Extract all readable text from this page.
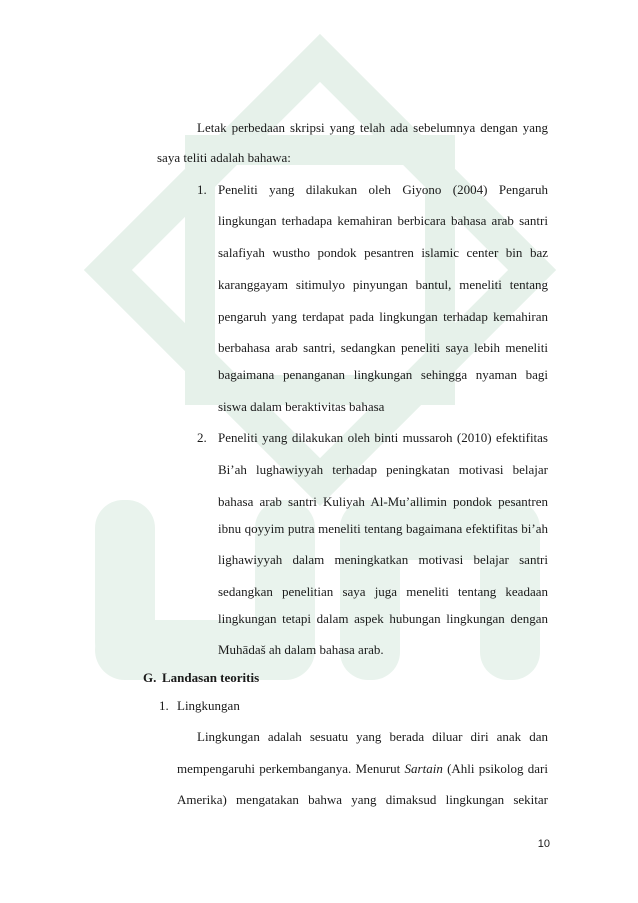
Letak perbedaan skripsi yang telah ada sebelumnya dengan yang
saya teliti adalah bahawa:
1. Peneliti yang dilakukan oleh Giyono (2004) Pengaruh
lingkungan terhadapa kemahiran berbicara bahasa arab santri
salafiyah wustho pondok pesantren islamic center bin baz
karanggayam sitimulyo pinyungan bantul, meneliti tentang
pengaruh yang terdapat pada lingkungan terhadap kemahiran
berbahasa arab santri, sedangkan peneliti saya lebih meneliti
bagaimana penanganan lingkungan sehingga nyaman bagi
siswa dalam beraktivitas bahasa
2. Peneliti yang dilakukan oleh binti mussaroh (2010) efektifitas
Bi’ah lughawiyyah terhadap peningkatan motivasi belajar
bahasa arab santri Kuliyah Al-Mu’allimin pondok pesantren
ibnu qoyyim putra meneliti tentang bagaimana efektifitas bi’ah
lighawiyyah dalam meningkatkan motivasi belajar santri
sedangkan penelitian saya juga meneliti tentang keadaan
lingkungan tetapi dalam aspek hubungan lingkungan dengan
Muhādaš ah dalam bahasa arab.
G. Landasan teoritis
1. Lingkungan
Lingkungan adalah sesuatu yang berada diluar diri anak dan
mempengaruhi perkembanganya. Menurut Sartain (Ahli psikolog dari
Amerika) mengatakan bahwa yang dimaksud lingkungan sekitar
10
